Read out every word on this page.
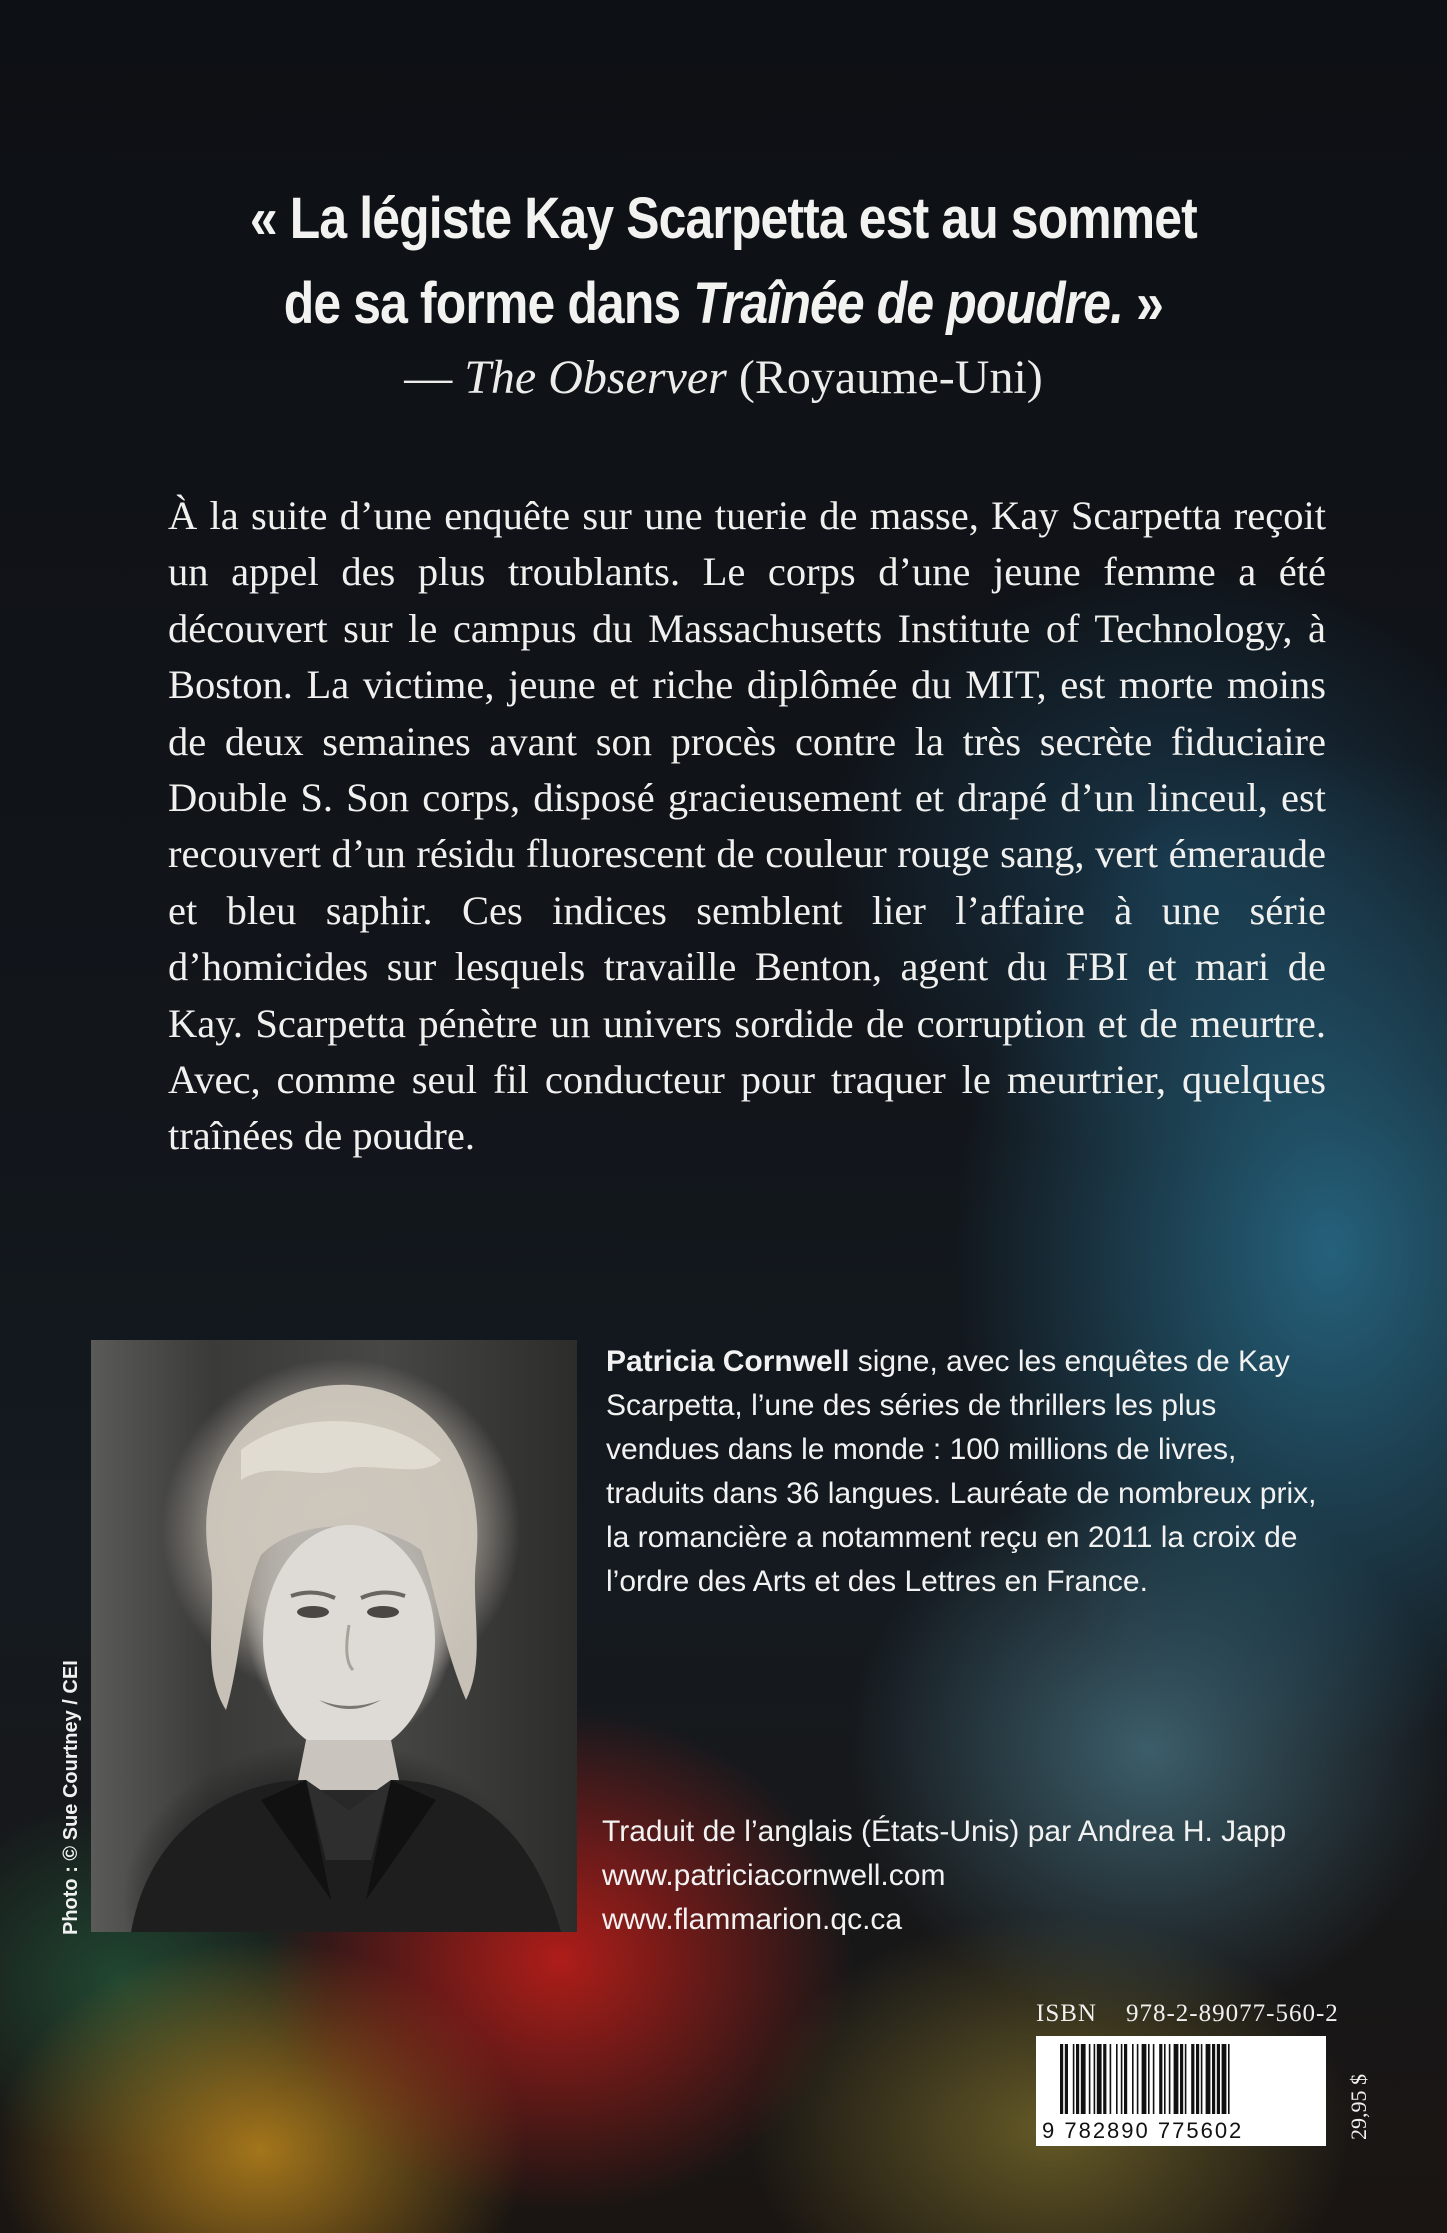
« La légiste Kay Scarpetta est au sommet
de sa forme dans Traînée de poudre. »
— The Observer (Royaume-Uni)

À la suite d’une enquête sur une tuerie de masse, Kay Scarpetta reçoit un appel des plus troublants. Le corps d’une jeune femme a été découvert sur le campus du Massachusetts Institute of Technology, à Boston. La victime, jeune et riche diplômée du MIT, est morte moins de deux semaines avant son procès contre la très secrète fiduciaire Double S. Son corps, disposé gracieusement et drapé d’un linceul, est recouvert d’un résidu fluorescent de couleur rouge sang, vert émeraude et bleu saphir. Ces indices semblent lier l’affaire à une série d’homicides sur lesquels travaille Benton, agent du FBI et mari de Kay. Scarpetta pénètre un univers sordide de corruption et de meurtre. Avec, comme seul fil conducteur pour traquer le meurtrier, quelques traînées de poudre.

Photo : © Sue Courtney / CEI

Patricia Cornwell signe, avec les enquêtes de Kay Scarpetta, l’une des séries de thrillers les plus vendues dans le monde : 100 millions de livres, traduits dans 36 langues. Lauréate de nombreux prix, la romancière a notamment reçu en 2011 la croix de l’ordre des Arts et des Lettres en France.

Traduit de l’anglais (États-Unis) par Andrea H. Japp
www.patriciacornwell.com
www.flammarion.qc.ca
ISBN 978-2-89077-560-2
9 782890 775602	29,95 $
